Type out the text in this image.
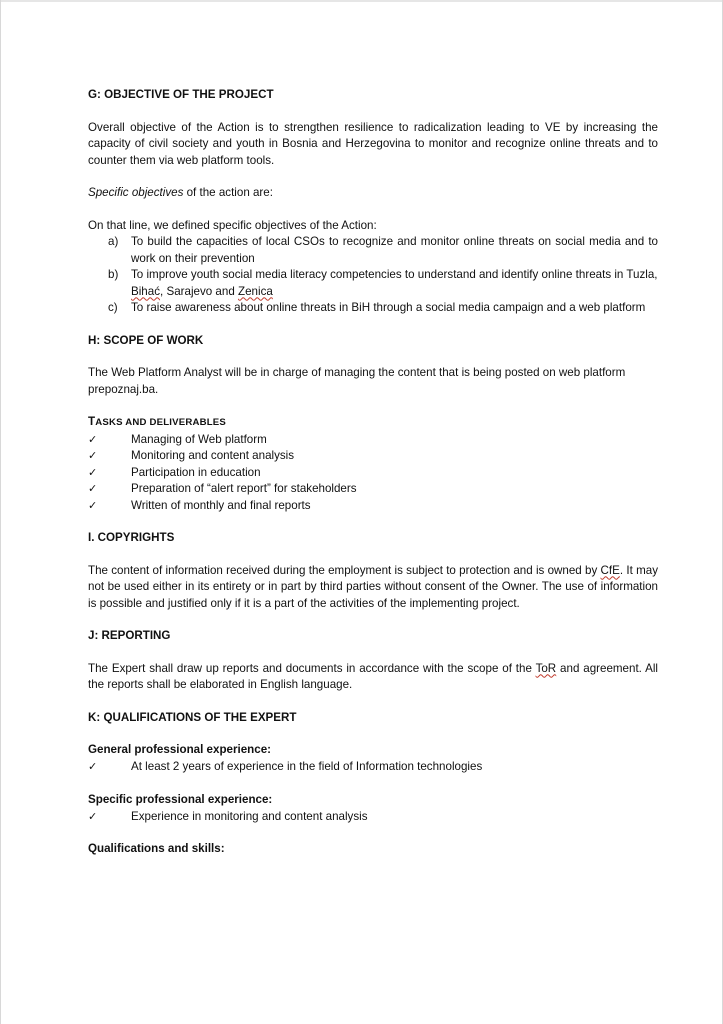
G: OBJECTIVE OF THE PROJECT

Overall objective of the Action is to strengthen resilience to radicalization leading to VE by increasing the capacity of civil society and youth in Bosnia and Herzegovina to monitor and recognize online threats and to counter them via web platform tools.

Specific objectives of the action are:

On that line, we defined specific objectives of the Action:

a) To build the capacities of local CSOs to recognize and monitor online threats on social media and to work on their prevention
b) To improve youth social media literacy competencies to understand and identify online threats in Tuzla, Bihać, Sarajevo and Zenica
c) To raise awareness about online threats in BiH through a social media campaign and a web platform

H: SCOPE OF WORK

The Web Platform Analyst will be in charge of managing the content that is being posted on web platform prepoznaj.ba.

TASKS AND DELIVERABLES

✓	Managing of Web platform
✓	Monitoring and content analysis
✓	Participation in education
✓	Preparation of “alert report” for stakeholders
✓	Written of monthly and final reports

I. COPYRIGHTS

The content of information received during the employment is subject to protection and is owned by CfE. It may not be used either in its entirety or in part by third parties without consent of the Owner. The use of information is possible and justified only if it is a part of the activities of the implementing project.

J: REPORTING

The Expert shall draw up reports and documents in accordance with the scope of the ToR and agreement. All the reports shall be elaborated in English language.

K: QUALIFICATIONS OF THE EXPERT

General professional experience:

✓	At least 2 years of experience in the field of Information technologies

Specific professional experience:

✓	Experience in monitoring and content analysis

Qualifications and skills:
